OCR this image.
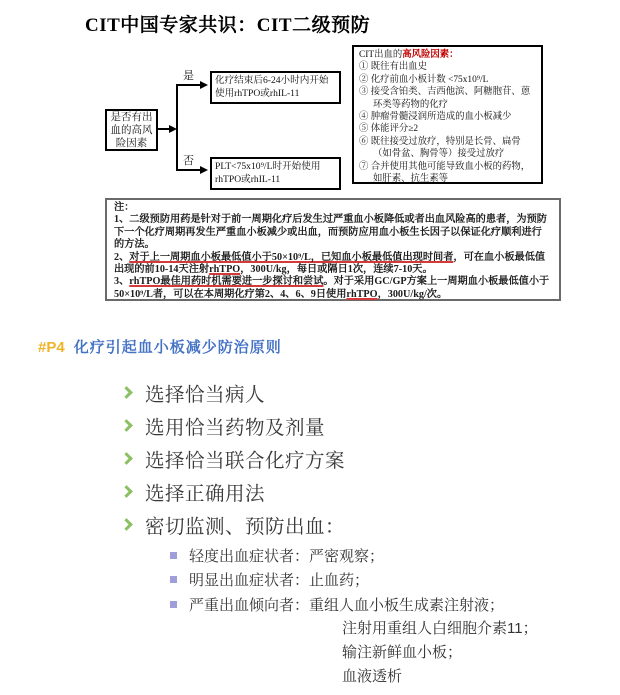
CIT中国专家共识：CIT二级预防
是否有出血的高风险因素
是
否
化疗结束后6-24小时内开始使用rhTPO或rhIL-11
PLT<75x10⁹/L时开始使用rhTPO或rhIL-11
CIT出血的高风险因素：
① 既往有出血史
② 化疗前血小板计数 <75x10⁹/L
③ 接受含铂类、吉西他滨、阿糖胞苷、蒽环类等药物的化疗
④ 肿瘤骨髓浸润所造成的血小板减少
⑤ 体能评分≥2
⑥ 既往接受过放疗，特别是长骨、扁骨（如骨盆、胸骨等）接受过放疗
⑦ 合并使用其他可能导致血小板的药物，如肝素、抗生素等
注：
1、二级预防用药是针对于前一周期化疗后发生过严重血小板降低或者出血风险高的患者，为预防下一个化疗周期再发生严重血小板减少或出血，而预防应用血小板生长因子以保证化疗顺利进行的方法。
2、对于上一周期血小板最低值小于50×10⁹/L，已知血小板最低值出现时间者，可在血小板最低值出现的前10-14天注射rhTPO，300U/kg，每日或隔日1次，连续7-10天。
3、rhTPO最佳用药时机需要进一步探讨和尝试。对于采用GC/GP方案上一周期血小板最低值小于50×10⁹/L者，可以在本周期化疗第2、4、6、9日使用rhTPO，300U/kg/次。
#P4 化疗引起血小板减少防治原则
选择恰当病人
选用恰当药物及剂量
选择恰当联合化疗方案
选择正确用法
密切监测、预防出血：
轻度出血症状者：严密观察；
明显出血症状者：止血药；
严重出血倾向者：重组人血小板生成素注射液；
注射用重组人白细胞介素11；
输注新鲜血小板；
血液透析
